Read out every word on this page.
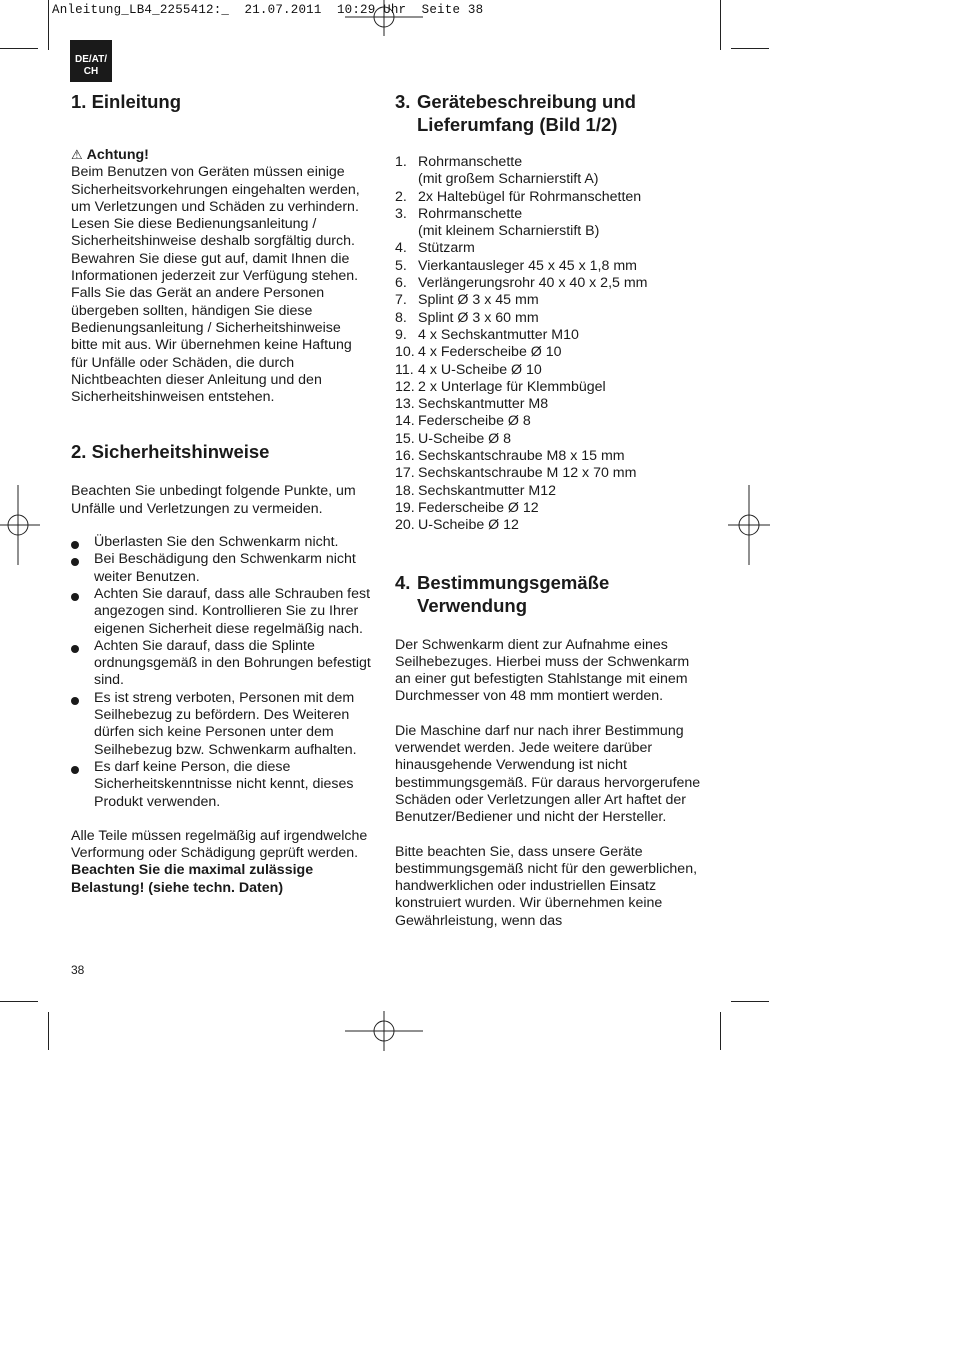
Anleitung_LB4_2255412:_  21.07.2011  10:29 Uhr  Seite 38
DE/AT/
CH
1. Einleitung

⚠ Achtung!

Beim Benutzen von Geräten müssen einige Sicherheitsvorkehrungen eingehalten werden, um Verletzungen und Schäden zu verhindern. Lesen Sie diese Bedienungsanleitung / Sicherheitshinweise deshalb sorgfältig durch. Bewahren Sie diese gut auf, damit Ihnen die Informationen jederzeit zur Verfügung stehen. Falls Sie das Gerät an andere Personen übergeben sollten, händigen Sie diese Bedienungsanleitung / Sicherheitshinweise bitte mit aus. Wir übernehmen keine Haftung für Unfälle oder Schäden, die durch Nichtbeachten dieser Anleitung und den Sicherheitshinweisen entstehen.

2. Sicherheitshinweise

Beachten Sie unbedingt folgende Punkte, um Unfälle und Verletzungen zu vermeiden.

Überlasten Sie den Schwenkarm nicht.
Bei Beschädigung den Schwenkarm nicht weiter Benutzen.
Achten Sie darauf, dass alle Schrauben fest angezogen sind. Kontrollieren Sie zu Ihrer eigenen Sicherheit diese regelmäßig nach.
Achten Sie darauf, dass die Splinte ordnungsgemäß in den Bohrungen befestigt sind.
Es ist streng verboten, Personen mit dem Seilhebezug zu befördern. Des Weiteren dürfen sich keine Personen unter dem Seilhebezug bzw. Schwenkarm aufhalten.
Es darf keine Person, die diese Sicherheitskenntnisse nicht kennt, dieses Produkt verwenden.

Alle Teile müssen regelmäßig auf irgendwelche Verformung oder Schädigung geprüft werden.

Beachten Sie die maximal zulässige Belastung! (siehe techn. Daten)

3. Gerätebeschreibung und
Lieferumfang (Bild 1/2)
1. Rohrmanschette
(mit großem Scharnierstift A)
2. 2x Haltebügel für Rohrmanschetten
3. Rohrmanschette
(mit kleinem Scharnierstift B)
4. Stützarm
5. Vierkantausleger 45 x 45 x 1,8 mm
6. Verlängerungsrohr 40 x 40 x 2,5 mm
7. Splint Ø 3 x 45 mm
8. Splint Ø 3 x 60 mm
9. 4 x Sechskantmutter M10
10. 4 x Federscheibe Ø 10
11. 4 x U-Scheibe Ø 10
12. 2 x Unterlage für Klemmbügel
13. Sechskantmutter M8
14. Federscheibe Ø 8
15. U-Scheibe Ø 8
16. Sechskantschraube M8 x 15 mm
17. Sechskantschraube M 12 x 70 mm
18. Sechskantmutter M12
19. Federscheibe Ø 12
20. U-Scheibe Ø 12
4. Bestimmungsgemäße
Verwendung

Der Schwenkarm dient zur Aufnahme eines Seilhebezuges. Hierbei muss der Schwenkarm an einer gut befestigten Stahlstange mit einem Durchmesser von 48 mm montiert werden.

Die Maschine darf nur nach ihrer Bestimmung verwendet werden. Jede weitere darüber hinausgehende Verwendung ist nicht bestimmungsgemäß. Für daraus hervorgerufene Schäden oder Verletzungen aller Art haftet der Benutzer/Bediener und nicht der Hersteller.

Bitte beachten Sie, dass unsere Geräte bestimmungsgemäß nicht für den gewerblichen, handwerklichen oder industriellen Einsatz konstruiert wurden. Wir übernehmen keine Gewährleistung, wenn das

38
